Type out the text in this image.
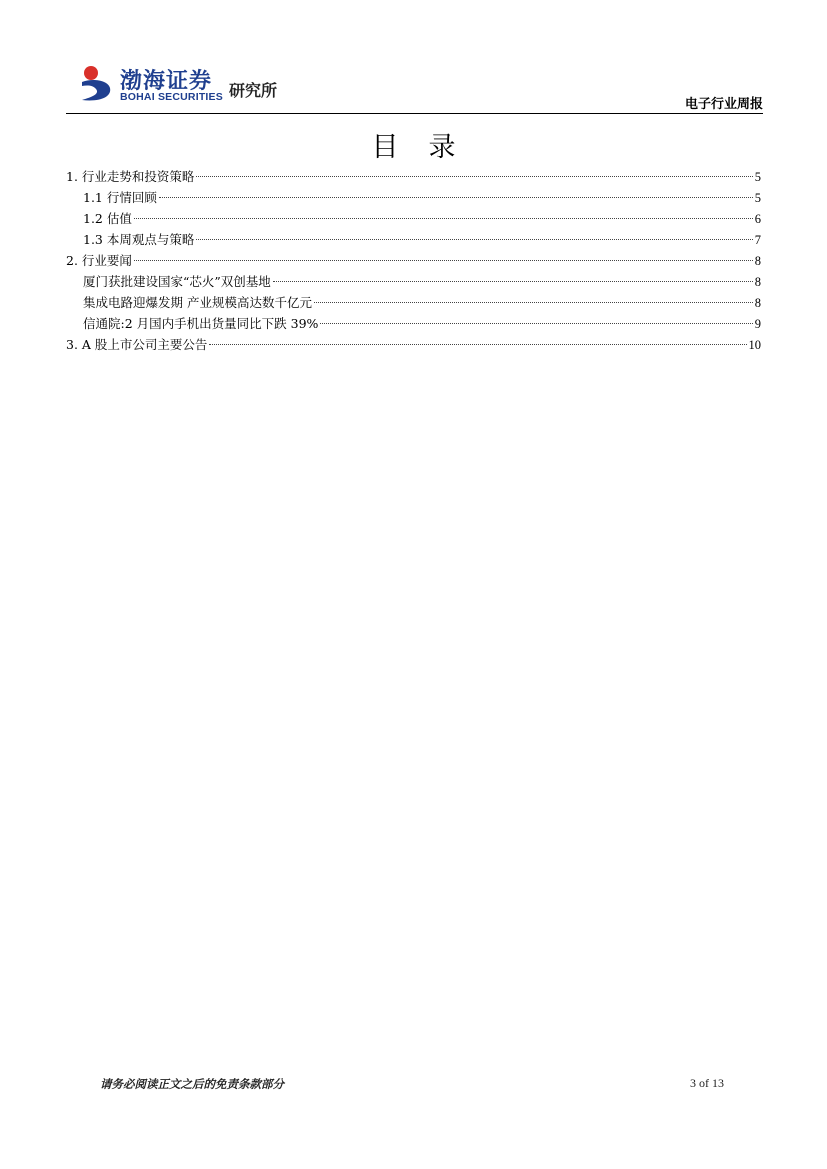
渤海证券
BOHAI SECURITIES 研究所
电子行业周报
目录
1. 行业走势和投资策略	5
1.1 行情回顾	5
1.2 估值	6
1.3 本周观点与策略	7
2. 行业要闻	8
厦门获批建设国家“芯火”双创基地	8
集成电路迎爆发期 产业规模高达数千亿元	8
信通院:2 月国内手机出货量同比下跌 39%	9
3. A 股上市公司主要公告	10
请务必阅读正文之后的免责条款部分	3 of 13
